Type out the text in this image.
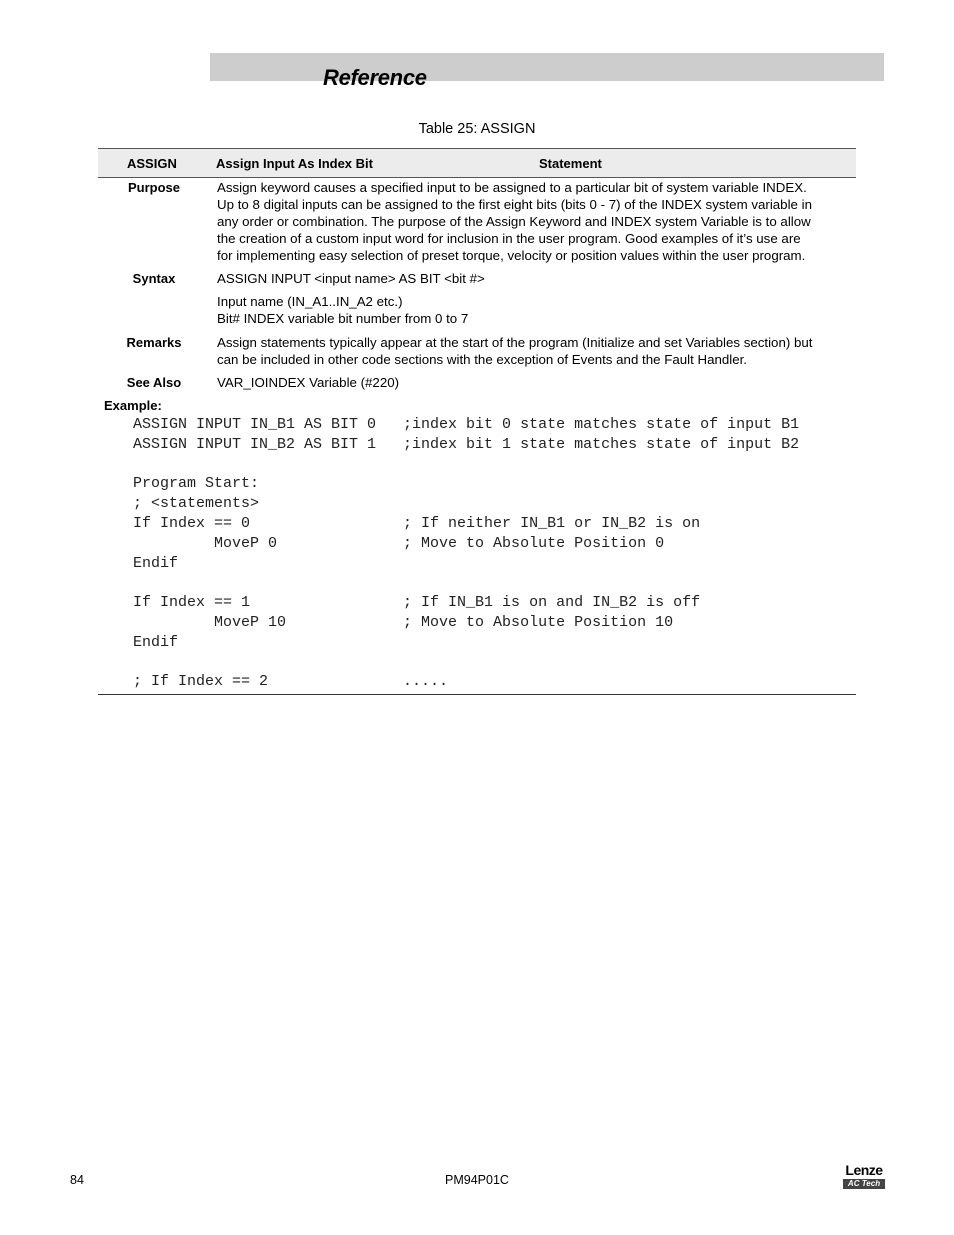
Reference
Table 25: ASSIGN
ASSIGN	Assign Input As Index Bit	Statement
Purpose	Assign keyword causes a specified input to be assigned to a particular bit of system variable INDEX.
Up to 8 digital inputs can be assigned to the first eight bits (bits 0 - 7) of the INDEX system variable in
any order or combination. The purpose of the Assign Keyword and INDEX system Variable is to allow
the creation of a custom input word for inclusion in the user program. Good examples of it’s use are
for implementing easy selection of preset torque, velocity or position values within the user program.
Syntax	ASSIGN INPUT <input name> AS BIT <bit #>
Input name (IN_A1..IN_A2 etc.)
Bit# INDEX variable bit number from 0 to 7
Remarks	Assign statements typically appear at the start of the program (Initialize and set Variables section) but
can be included in other code sections with the exception of Events and the Fault Handler.
See Also	VAR_IOINDEX Variable (#220)
Example:
ASSIGN INPUT IN_B1 AS BIT 0   ;index bit 0 state matches state of input B1
ASSIGN INPUT IN_B2 AS BIT 1   ;index bit 1 state matches state of input B2

Program Start:
; <statements>
If Index == 0                 ; If neither IN_B1 or IN_B2 is on
MoveP 0              ; Move to Absolute Position 0
Endif

If Index == 1                 ; If IN_B1 is on and IN_B2 is off
MoveP 10             ; Move to Absolute Position 10
Endif

; If Index == 2               .....
84	PM94P01C
Lenze
AC Tech
